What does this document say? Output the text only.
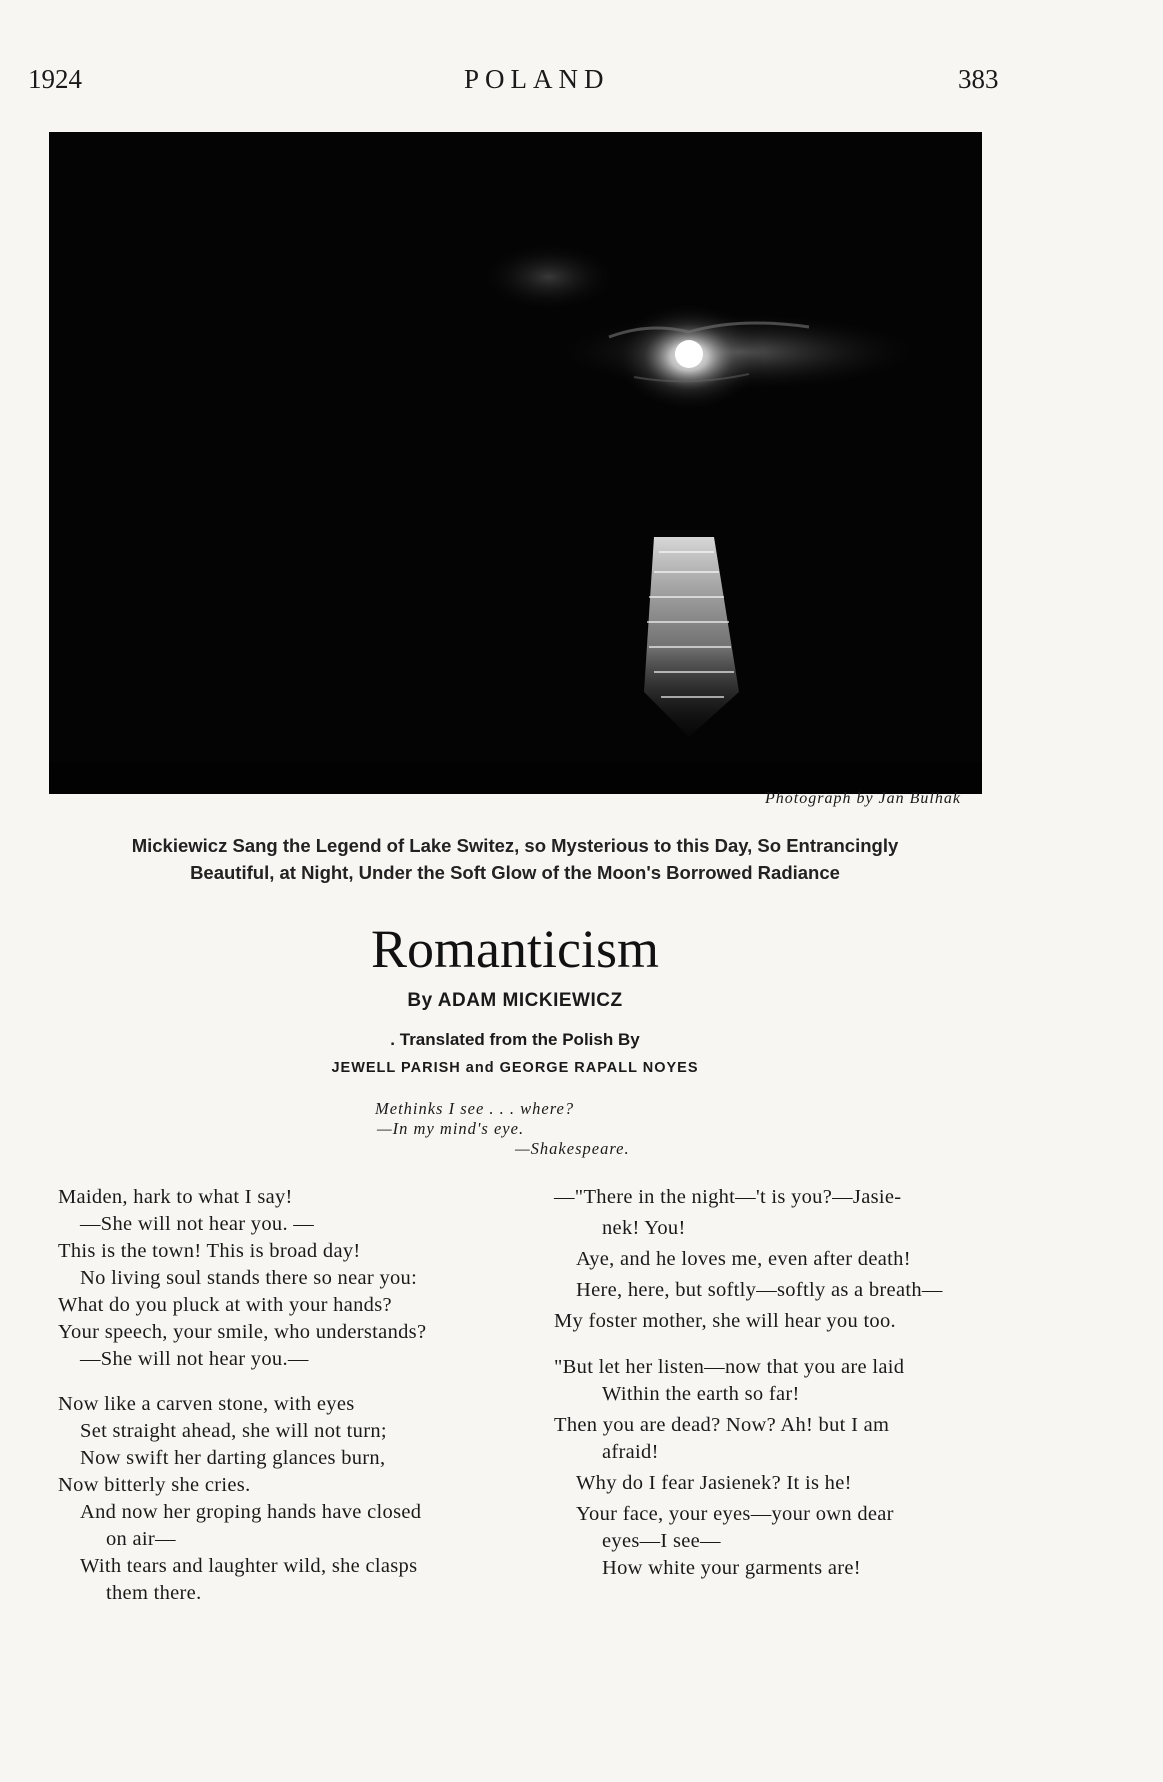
1924	POLAND	383
Photograph by Jan Bulhak
Mickiewicz Sang the Legend of Lake Switez, so Mysterious to this Day, So Entrancingly
Beautiful, at Night, Under the Soft Glow of the Moon's Borrowed Radiance
Romanticism
By ADAM MICKIEWICZ
. Translated from the Polish By
JEWELL PARISH and GEORGE RAPALL NOYES
Methinks I see . . . where?
—In my mind's eye.
—Shakespeare.
Maiden, hark to what I say!
—She will not hear you. —
This is the town! This is broad day!
No living soul stands there so near you:
What do you pluck at with your hands?
Your speech, your smile, who understands?
—She will not hear you.—
Now like a carven stone, with eyes
Set straight ahead, she will not turn;
Now swift her darting glances burn,
Now bitterly she cries.
And now her groping hands have closed
on air—
With tears and laughter wild, she clasps
them there.
—"There in the night—'t is you?—Jasie-
nek! You!
Aye, and he loves me, even after death!
Here, here, but softly—softly as a breath—
My foster mother, she will hear you too.
"But let her listen—now that you are laid
Within the earth so far!
Then you are dead? Now? Ah! but I am
afraid!
Why do I fear Jasienek? It is he!
Your face, your eyes—your own dear
eyes—I see—
How white your garments are!
